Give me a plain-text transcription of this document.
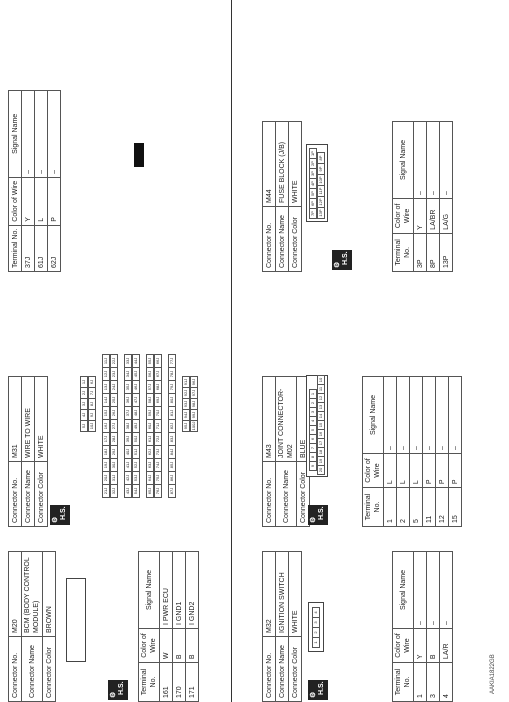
Connector No.	M20
Connector Name	BCM (BODY CONTROL MODULE)
Connector Color	BROWN
⚙ H.S. Terminal No.	Color of Wire	Signal Name
161	W	I PWR ECU
170	B	I GND1
171	B	I GND2
Connector No.	M31
Connector Name	WIRE TO WIRE
Connector Color	WHITE
⚙ H.S.
5J
4J
3J
2J
1J
10J
9J
8J
7J
6J
21J
20J
19J
18J
17J
16J
15J
14J
13J
12J
11J
32J
31J
30J
29J
28J
27J
26J
25J
24J
23J
22J
43J
42J
41J
40J
39J
38J
37J
36J
35J
34J
33J
54J
53J
52J
51J
50J
49J
48J
47J
46J
45J
44J
65J
64J
63J
62J
61J
60J
59J
58J
57J
56J
55J
76J
75J
74J
73J
72J
71J
70J
69J
68J
67J
66J
87J
86J
85J
84J
83J
82J
81J
80J
79J
78J
77J
95J
94J
93J
92J
91J
100J
99J
98J
97J
96J
Terminal No.	Color of Wire	Signal Name
37J	Y	–
61J	L	–
62J	P	–
Connector No.	M32
Connector Name	IGNITION SWITCH
Connector Color	WHITE
1
2
3
4
⚙ H.S.	Terminal No.	Color of Wire	Signal Name
1	Y	–
3	B	–
4	LA/R	–
Connector No.	M43
Connector Name	JOINT CONNECTOR-M02
Connector Color	BLUE
⚙ H.S.
9
8
7
6
5
4
3
2
1
20
19
18
17
16
15
14
13
12
11
10
Terminal No.	Color of Wire	Signal Name
1	L	–
2	L	–
5	L	–
11	P	–
12	P	–
15	P	–
Connector No.	M44
Connector Name	FUSE BLOCK (J/B)
Connector Color	WHITE
⚙ H.S.
7P
6P
5P
4P
3P
2P
1P
13P
12P
11P
10P
9P
8P
Terminal No.	Color of Wire	Signal Name
3P	Y	–
8P	LA/BR	–
13P	LA/G	–
AAKIA1822GB
